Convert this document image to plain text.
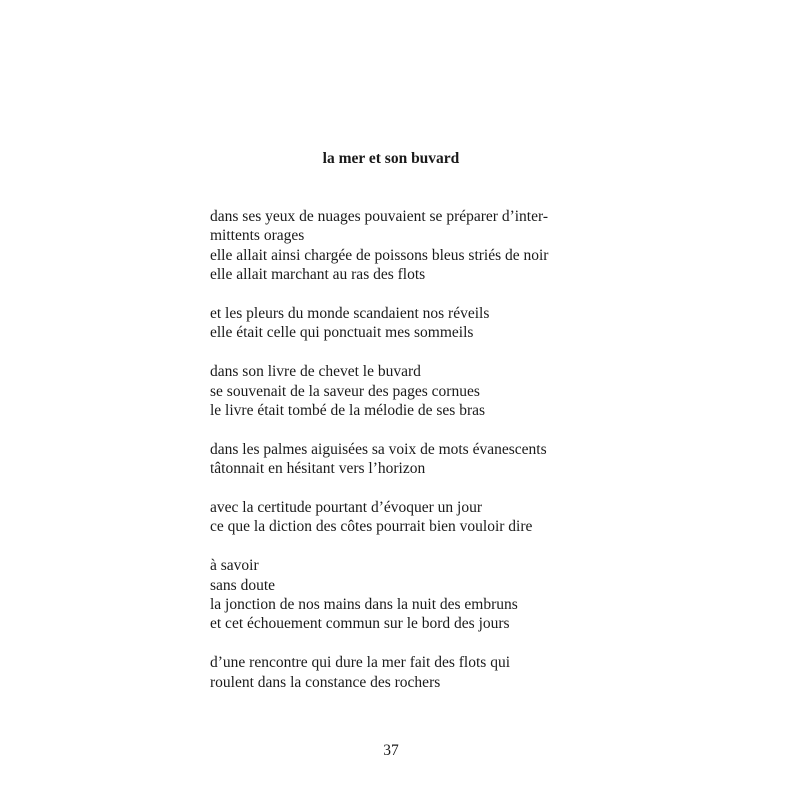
la mer et son buvard
dans ses yeux de nuages pouvaient se préparer d’inter-
mittents orages
elle allait ainsi chargée de poissons bleus striés de noir
elle allait marchant au ras des flots
et les pleurs du monde scandaient nos réveils
elle était celle qui ponctuait mes sommeils
dans son livre de chevet le buvard
se souvenait de la saveur des pages cornues
le livre était tombé de la mélodie de ses bras
dans les palmes aiguisées sa voix de mots évanescents
tâtonnait en hésitant vers l’horizon
avec la certitude pourtant d’évoquer un jour
ce que la diction des côtes pourrait bien vouloir dire
à savoir
sans doute
la jonction de nos mains dans la nuit des embruns
et cet échouement commun sur le bord des jours
d’une rencontre qui dure la mer fait des flots qui
roulent dans la constance des rochers
37
